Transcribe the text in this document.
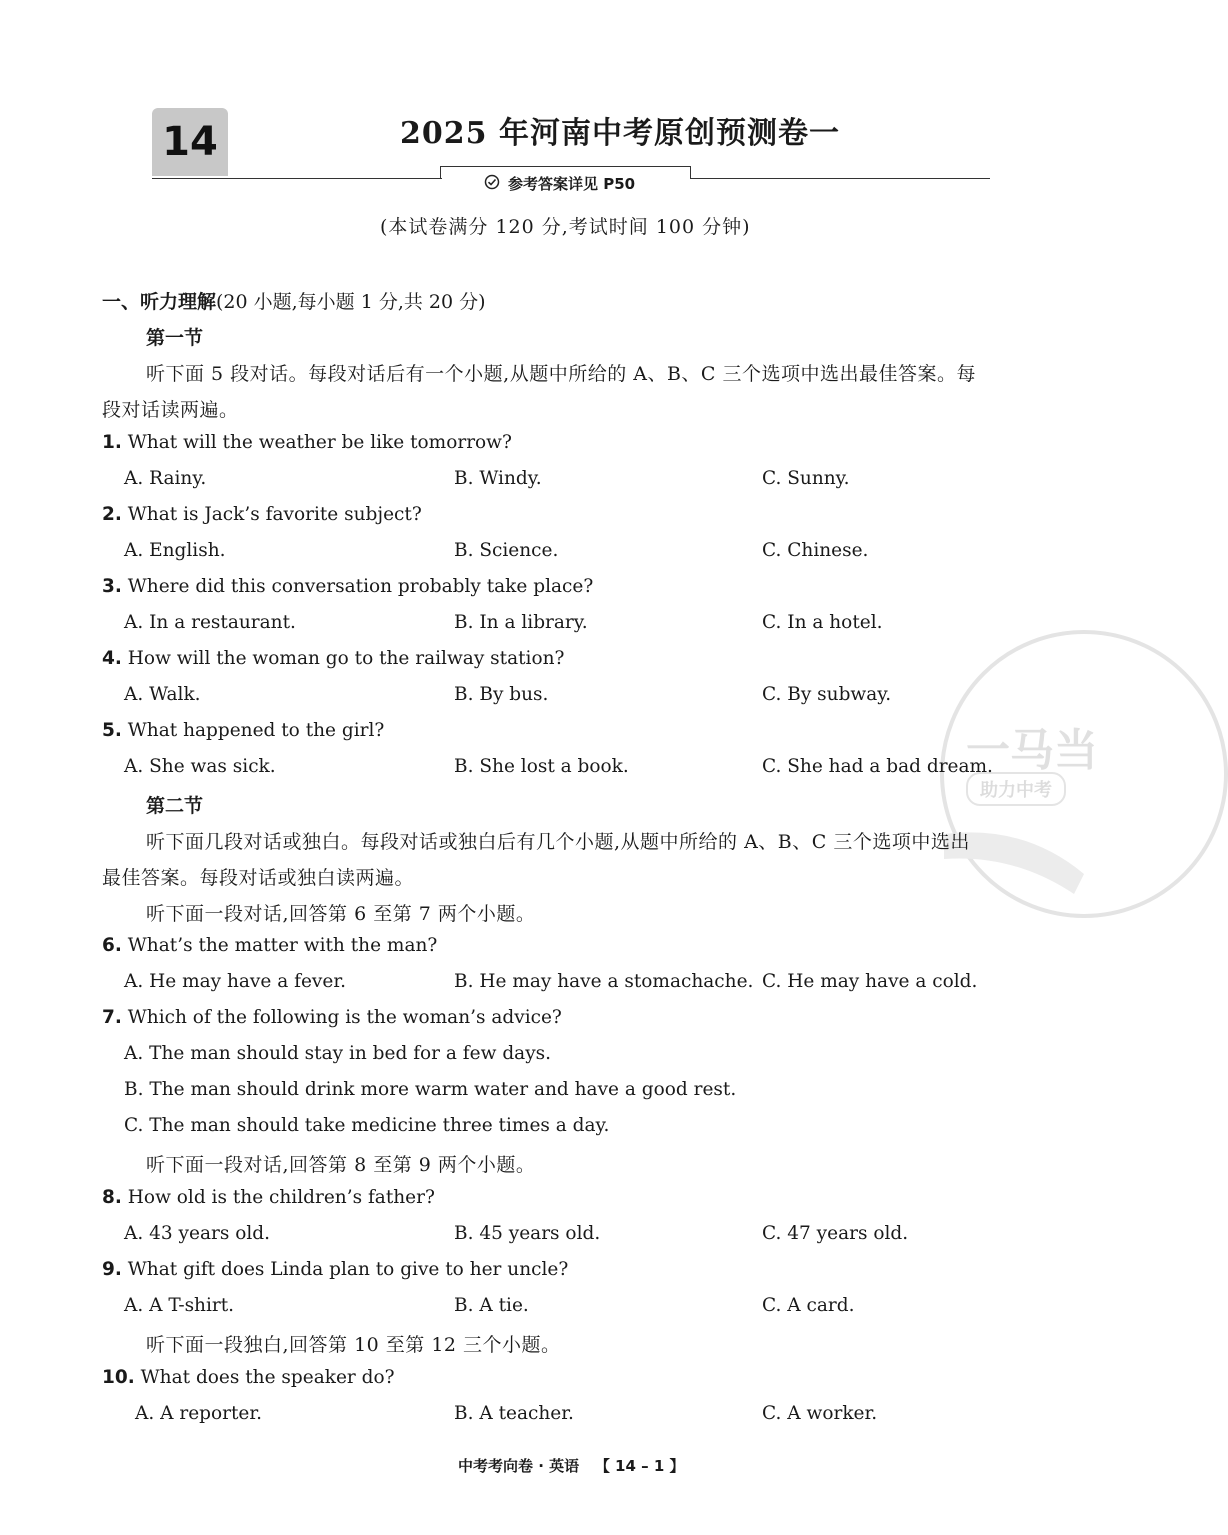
14	2025 年河南中考原创预测卷一
参考答案详见 P50
(本试卷满分 120 分,考试时间 100 分钟)
一马当
助力中考
一、听力理解(20 小题,每小题 1 分,共 20 分)
第一节
听下面 5 段对话。每段对话后有一个小题,从题中所给的 A、B、C 三个选项中选出最佳答案。每
段对话读两遍。
1. What will the weather be like tomorrow?
A. Rainy.	B. Windy.	C. Sunny.
2. What is Jack’s favorite subject?
A. English.	B. Science.	C. Chinese.
3. Where did this conversation probably take place?
A. In a restaurant.	B. In a library.	C. In a hotel.
4. How will the woman go to the railway station?
A. Walk.	B. By bus.	C. By subway.
5. What happened to the girl?
A. She was sick.	B. She lost a book.	C. She had a bad dream.
第二节
听下面几段对话或独白。每段对话或独白后有几个小题,从题中所给的 A、B、C 三个选项中选出
最佳答案。每段对话或独白读两遍。
听下面一段对话,回答第 6 至第 7 两个小题。
6. What’s the matter with the man?
A. He may have a fever.	B. He may have a stomachache. C. He may have a cold.
7. Which of the following is the woman’s advice?
A. The man should stay in bed for a few days.
B. The man should drink more warm water and have a good rest.
C. The man should take medicine three times a day.
听下面一段对话,回答第 8 至第 9 两个小题。
8. How old is the children’s father?
A. 43 years old.	B. 45 years old.	C. 47 years old.
9. What gift does Linda plan to give to her uncle?
A. A T-shirt.	B. A tie.	C. A card.
听下面一段独白,回答第 10 至第 12 三个小题。
10. What does the speaker do?
A. A reporter.	B. A teacher.	C. A worker.
中考考向卷 · 英语 【 14 – 1 】
